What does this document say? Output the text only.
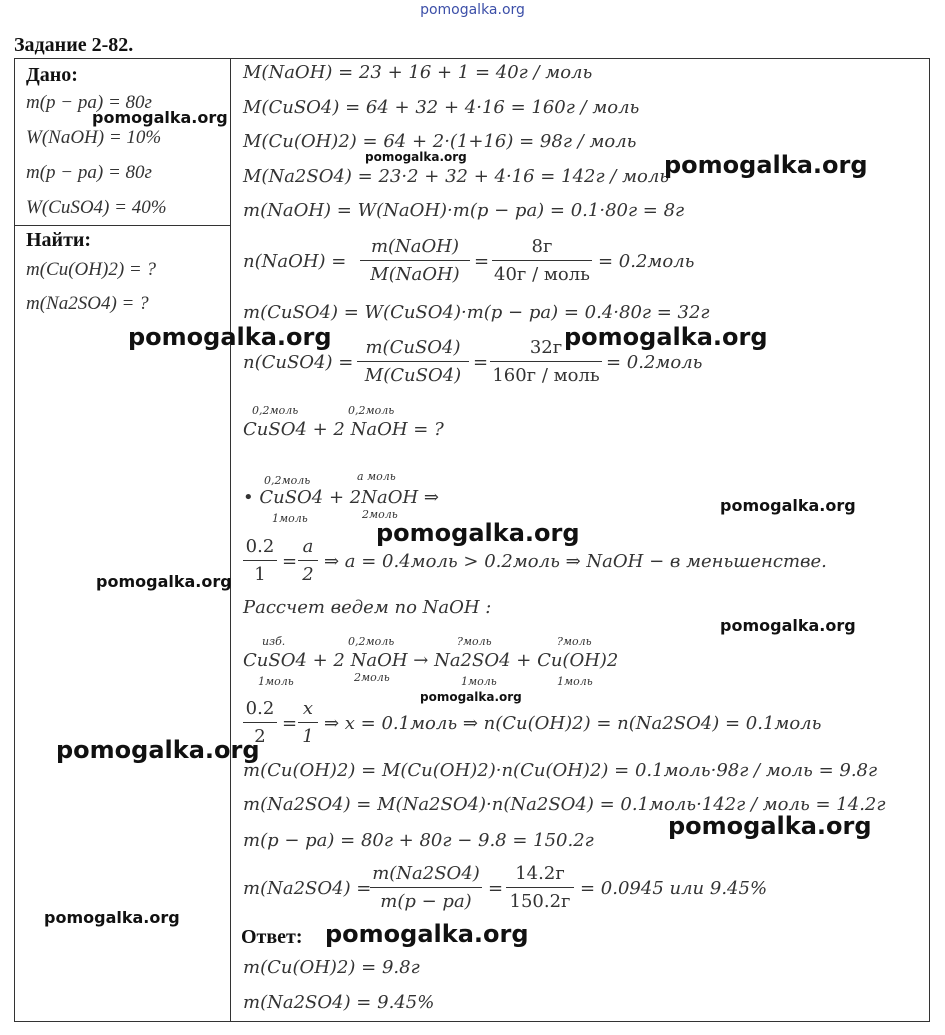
pomogalka.org
Задание 2-82.
Дано:
m(p − pa) = 80г
W(NaOH) = 10%
m(p − pa) = 80г
W(CuSO4) = 40%
Найти:
m(Cu(OH)2) = ?
m(Na2SO4) = ?
M(NaOH) = 23 + 16 + 1 = 40г / моль
M(CuSO4) = 64 + 32 + 4·16 = 160г / моль
M(Cu(OH)2) = 64 + 2·(1+16) = 98г / моль
M(Na2SO4) = 23·2 + 32 + 4·16 = 142г / моль
m(NaOH) = W(NaOH)·m(p − pa) = 0.1·80г = 8г
n(NaOH) =
m(NaOH)
M(NaOH)
=
8г
40г / моль
= 0.2моль
m(CuSO4) = W(CuSO4)·m(p − pa) = 0.4·80г = 32г
n(CuSO4) =
m(CuSO4)
M(CuSO4)
=
32г
160г / моль
= 0.2моль
0,2моль	0,2моль
CuSO4 + 2 NaOH = ?
0,2моль	a моль
• CuSO4 + 2NaOH ⇒
1моль	2моль
$\frac{0.2}{1} = \frac{a}{2}$ ⇒ a = 0.4моль > 0.2моль ⇒ NaOH − в меньшенстве.
Рассчет ведем по NaOH :
изб.	0,2моль	?моль	?моль
CuSO4 + 2 NaOH → Na2SO4 + Cu(OH)2
1моль	2моль	1моль	1моль
$\frac{0.2}{2} = \frac{x}{1}$ ⇒ x = 0.1моль ⇒ n(Cu(OH)2) = n(Na2SO4) = 0.1моль
m(Cu(OH)2) = M(Cu(OH)2)·n(Cu(OH)2) = 0.1моль·98г / моль = 9.8г
m(Na2SO4) = M(Na2SO4)·n(Na2SO4) = 0.1моль·142г / моль = 14.2г
m(p − pa) = 80г + 80г − 9.8 = 150.2г
m(Na2SO4) =
$\frac{m(Na2SO4)}{m(p - pa)}$ =
14.2г
150.2г
= 0.0945 или 9.45%
Ответ:
m(Cu(OH)2) = 9.8г
m(Na2SO4) = 9.45%
pomogalka.org
pomogalka.org	pomogalka.org
pomogalka.org	pomogalka.org
pomogalka.org
pomogalka.org
pomogalka.org
pomogalka.org
pomogalka.org
pomogalka.org
pomogalka.org
pomogalka.org
pomogalka.org
